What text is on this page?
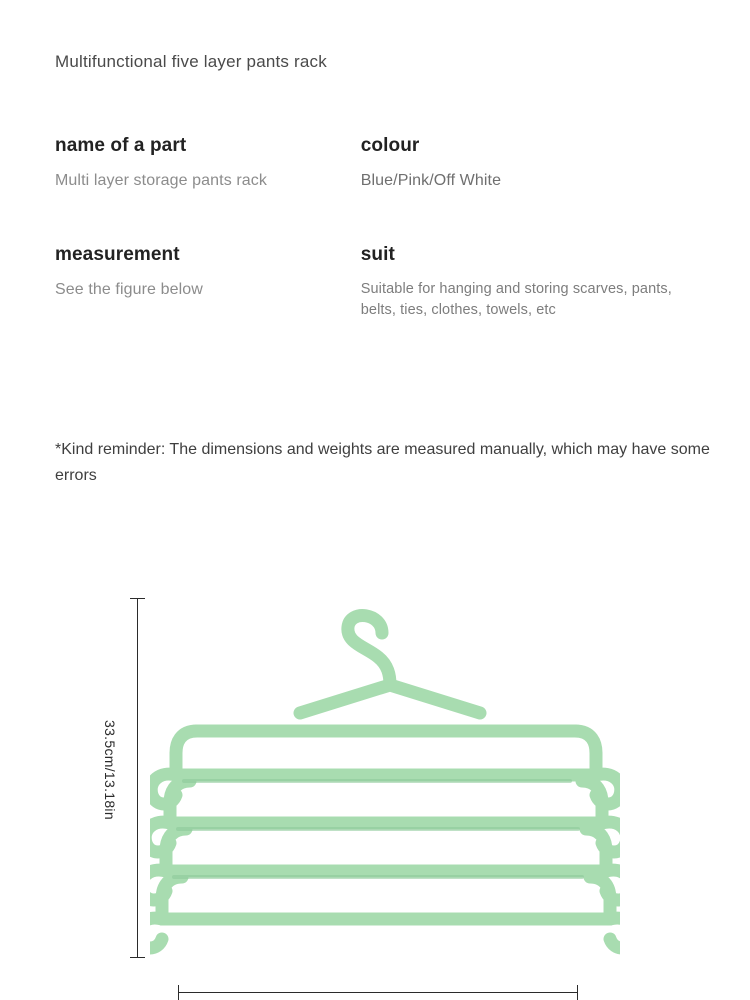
Multifunctional five layer pants rack
name of a part
Multi layer storage pants rack
colour
Blue/Pink/Off White
measurement
See the figure below
suit
Suitable for hanging and storing scarves, pants, belts, ties, clothes, towels, etc
*Kind reminder: The dimensions and weights are measured manually, which may have some errors
33.5cm/13.18in
